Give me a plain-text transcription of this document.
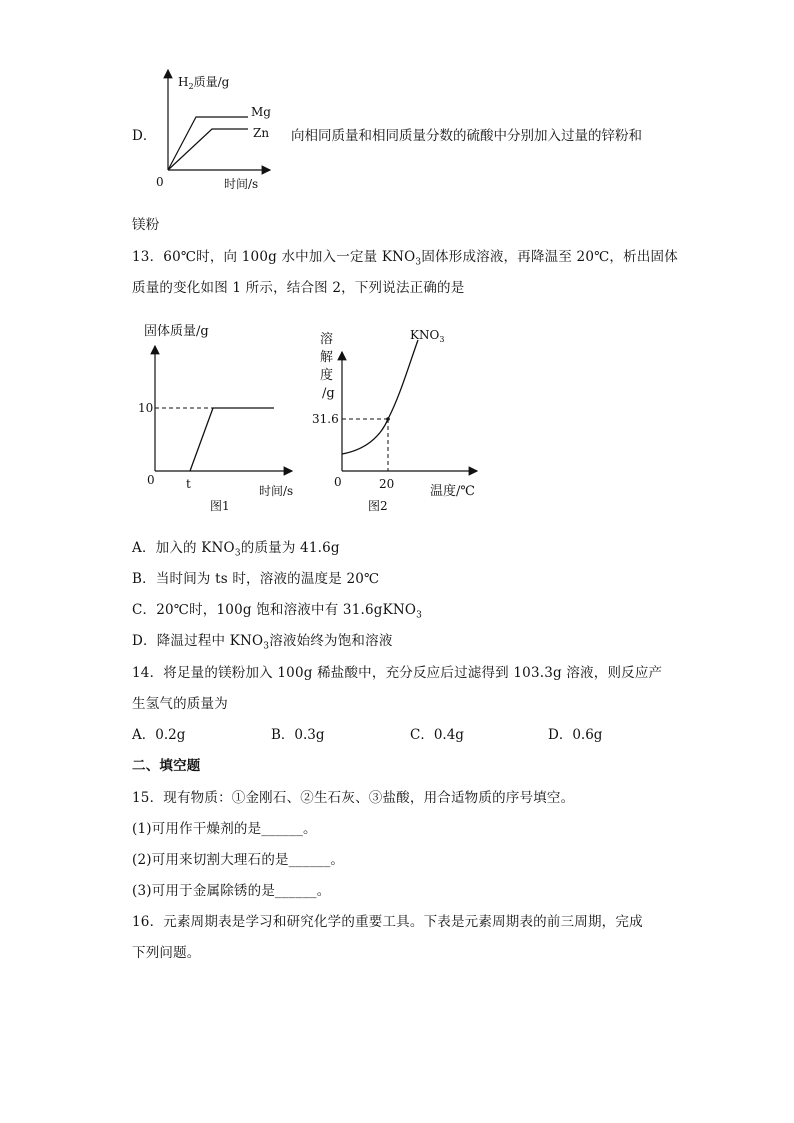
D．
$H_2$质量/g
Mg
Zn
0	时间/s
向相同质量和相同质量分数的硫酸中分别加入过量的锌粉和
镁粉
13．60℃时，向 100g 水中加入一定量 $KNO_3$固体形成溶液，再降温至 20℃，析出固体
质量的变化如图 1 所示，结合图 2，下列说法正确的是
固体质量/g
10
0	t	时间/s
图1
溶 解 度 /g
$KNO_3$
31.6
0	20	温度/℃
图2
A．加入的 $KNO_3$的质量为 41.6g
B．当时间为 ts 时，溶液的温度是 20℃
C．20℃时，100g 饱和溶液中有 31.6gKNO$_3$
D．降温过程中 $KNO_3$溶液始终为饱和溶液
14．将足量的镁粉加入 100g 稀盐酸中，充分反应后过滤得到 103.3g 溶液，则反应产
生氢气的质量为
A．0.2g	B．0.3g	C．0.4g	D．0.6g
二、填空题
15．现有物质：①金刚石、②生石灰、③盐酸，用合适物质的序号填空。
(1)可用作干燥剂的是______。
(2)可用来切割大理石的是______。
(3)可用于金属除锈的是______。
16．元素周期表是学习和研究化学的重要工具。下表是元素周期表的前三周期，完成
下列问题。
